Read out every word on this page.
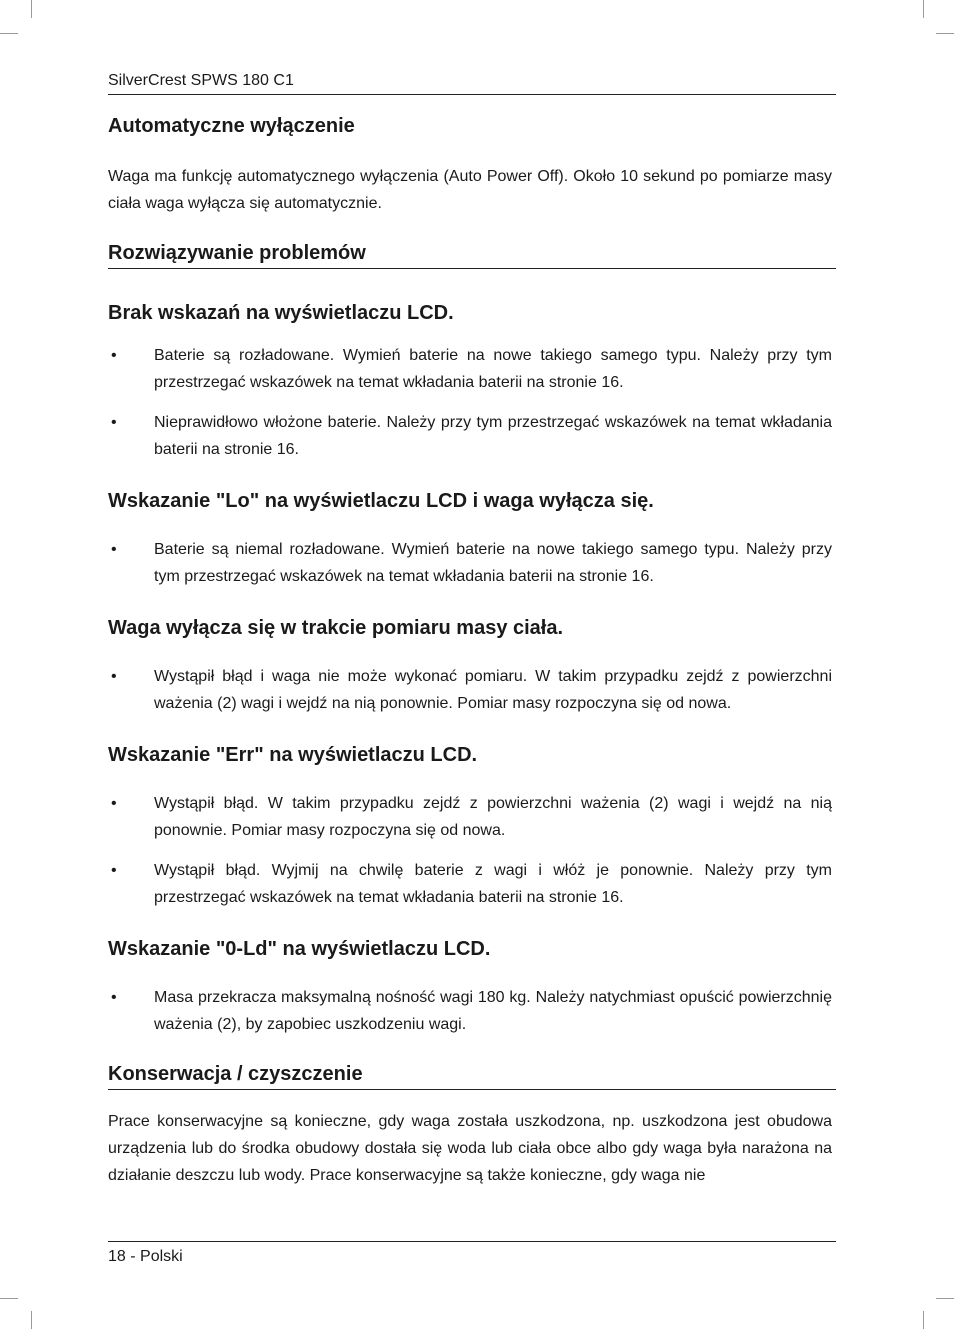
SilverCrest SPWS 180 C1
Automatyczne wyłączenie

Waga ma funkcję automatycznego wyłączenia (Auto Power Off). Około 10 sekund po pomiarze masy ciała waga wyłącza się automatycznie.

Rozwiązywanie problemów
Brak wskazań na wyświetlaczu LCD.
• Baterie są rozładowane. Wymień baterie na nowe takiego samego typu. Należy przy tym przestrzegać wskazówek na temat wkładania baterii na stronie 16.
• Nieprawidłowo włożone baterie. Należy przy tym przestrzegać wskazówek na temat wkładania baterii na stronie 16.
Wskazanie "Lo" na wyświetlaczu LCD i waga wyłącza się.
• Baterie są niemal rozładowane. Wymień baterie na nowe takiego samego typu. Należy przy tym przestrzegać wskazówek na temat wkładania baterii na stronie 16.
Waga wyłącza się w trakcie pomiaru masy ciała.
• Wystąpił błąd i waga nie może wykonać pomiaru. W takim przypadku zejdź z powierzchni ważenia (2) wagi i wejdź na nią ponownie. Pomiar masy rozpoczyna się od nowa.
Wskazanie "Err" na wyświetlaczu LCD.
• Wystąpił błąd. W takim przypadku zejdź z powierzchni ważenia (2) wagi i wejdź na nią ponownie. Pomiar masy rozpoczyna się od nowa.
• Wystąpił błąd. Wyjmij na chwilę baterie z wagi i włóż je ponownie. Należy przy tym przestrzegać wskazówek na temat wkładania baterii na stronie 16.
Wskazanie "0-Ld" na wyświetlaczu LCD.
• Masa przekracza maksymalną nośność wagi 180 kg. Należy natychmiast opuścić powierzchnię ważenia (2), by zapobiec uszkodzeniu wagi.
Konserwacja / czyszczenie

Prace konserwacyjne są konieczne, gdy waga została uszkodzona, np. uszkodzona jest obudowa urządzenia lub do środka obudowy dostała się woda lub ciała obce albo gdy waga była narażona na działanie deszczu lub wody. Prace konserwacyjne są także konieczne, gdy waga nie

18 - Polski
